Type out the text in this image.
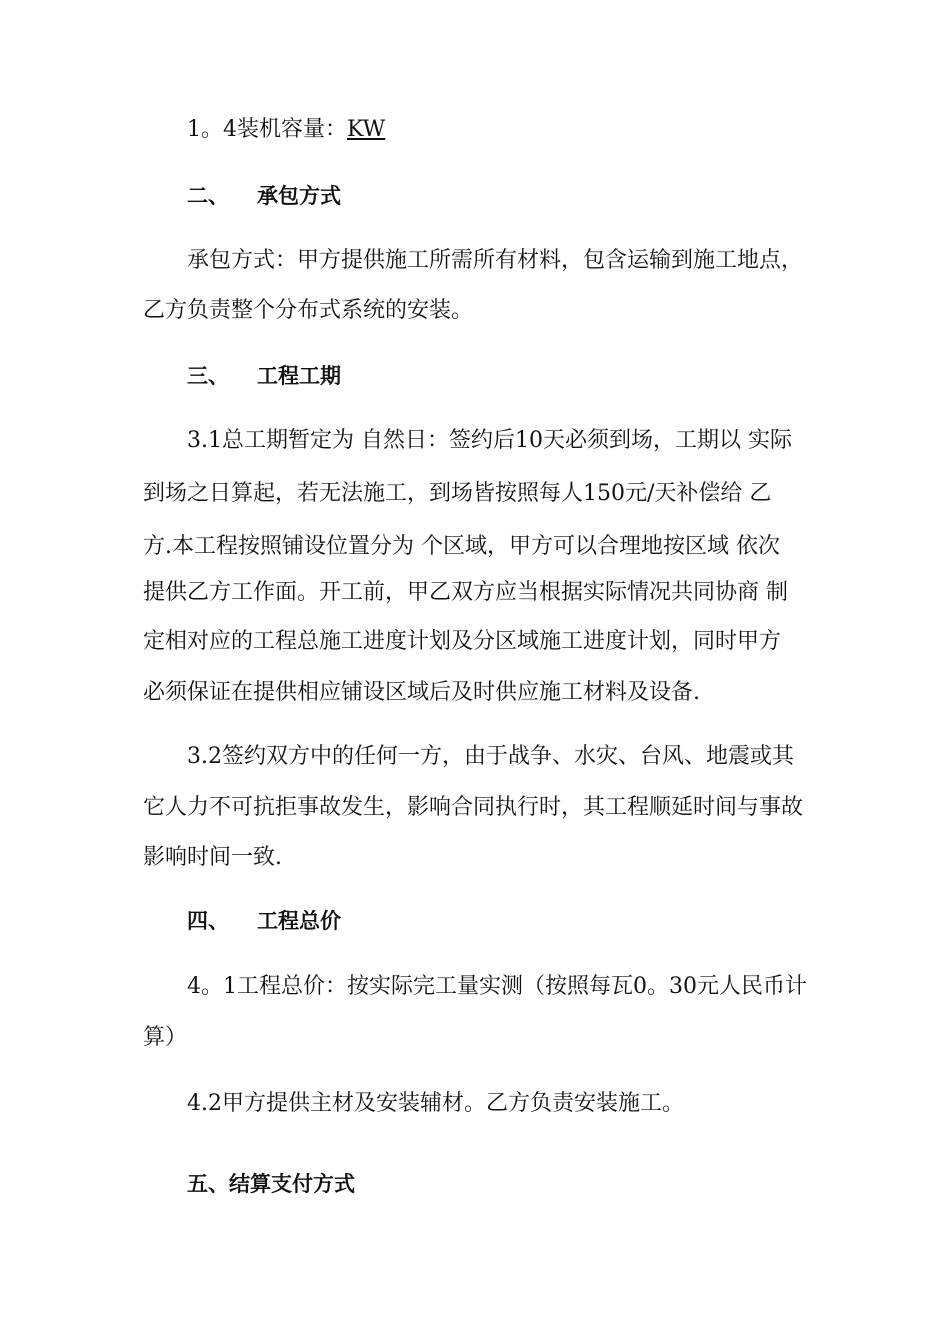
1。4装机容量：KW
二、 承包方式
承包方式：甲方提供施工所需所有材料，包含运输到施工地点，
乙方负责整个分布式系统的安装。
三、 工程工期
3.1总工期暂定为 自然日：签约后10天必须到场，工期以 实际
到场之日算起，若无法施工，到场皆按照每人150元/天补偿给 乙
方.本工程按照铺设位置分为 个区域，甲方可以合理地按区域 依次
提供乙方工作面。开工前，甲乙双方应当根据实际情况共同协商 制
定相对应的工程总施工进度计划及分区域施工进度计划，同时甲方
必须保证在提供相应铺设区域后及时供应施工材料及设备.
3.2签约双方中的任何一方，由于战争、水灾、台风、地震或其
它人力不可抗拒事故发生，影响合同执行时，其工程顺延时间与事故
影响时间一致.
四、 工程总价
4。1工程总价：按实际完工量实测（按照每瓦0。30元人民币计
算）
4.2甲方提供主材及安装辅材。乙方负责安装施工。
五、结算支付方式
